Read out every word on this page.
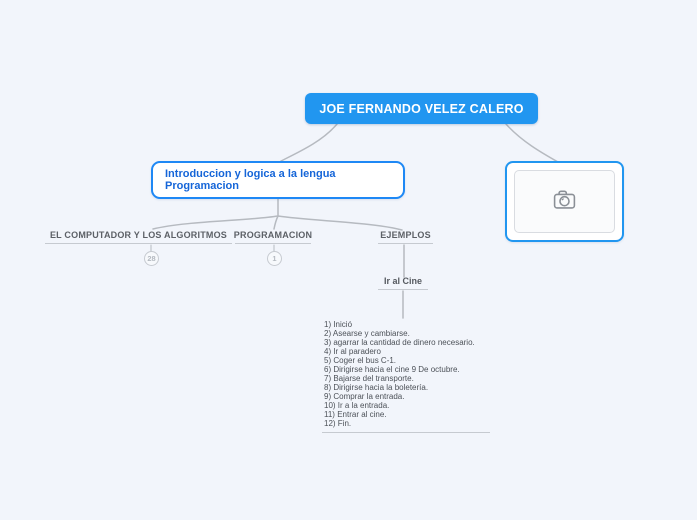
JOE FERNANDO VELEZ CALERO
Introduccion y logica a la lengua Programacion
EL COMPUTADOR Y LOS ALGORITMOS
28
PROGRAMACION
1
EJEMPLOS
Ir al Cine
1) Inició
2) Asearse y cambiarse.
3) agarrar la cantidad de dinero necesario.
4) Ir al paradero
5) Coger el bus C-1.
6) Dirigirse hacia el cine 9 De octubre.
7) Bajarse del transporte.
8) Dirigirse hacia la boletería.
9) Comprar la entrada.
10) Ir a la entrada.
11) Entrar al cine.
12) Fin.
